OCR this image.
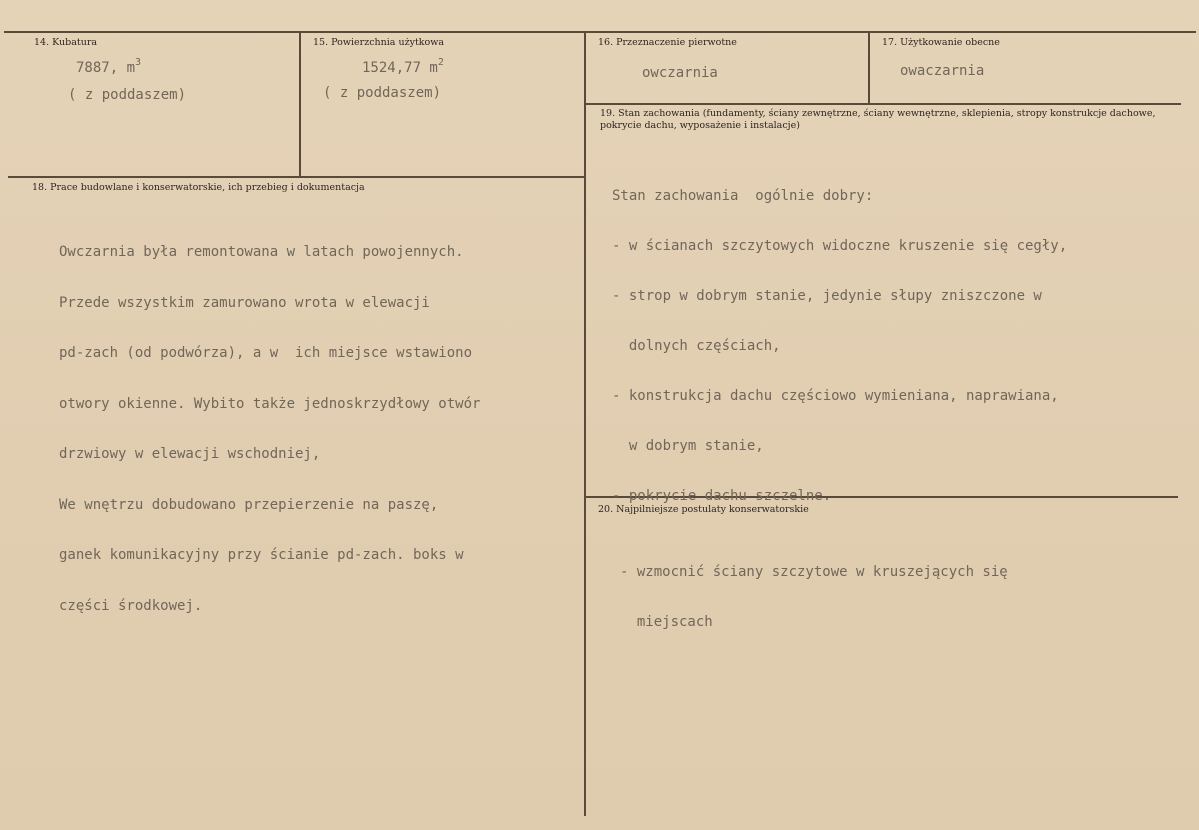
14. Kubatura
7887, $m^3$
( z poddaszem)
15. Powierzchnia użytkowa
1524,77 $m^2$
( z poddaszem)
16. Przeznaczenie pierwotne
owczarnia
17. Użytkowanie obecne
owaczarnia
18. Prace budowlane i konserwatorskie, ich przebieg i dokumentacja

Owczarnia była remontowana w latach powojennych.

Przede wszystkim zamurowano wrota w elewacji

pd-zach (od podwórza), a w  ich miejsce wstawiono

otwory okienne. Wybito także jednoskrzydłowy otwór

drzwiowy w elewacji wschodniej,

We wnętrzu dobudowano przepierzenie na paszę,

ganek komunikacyjny przy ścianie pd-zach. boks w

części środkowej.

19. Stan zachowania (fundamenty, ściany zewnętrzne, ściany wewnętrzne, sklepienia, stropy konstrukcje dachowe, pokrycie dachu, wyposażenie i instalacje)

Stan zachowania  ogólnie dobry:

- w ścianach szczytowych widoczne kruszenie się cegły,

- strop w dobrym stanie, jedynie słupy zniszczone w

dolnych częściach,

- konstrukcja dachu częściowo wymieniana, naprawiana,

w dobrym stanie,

- pokrycie dachu szczelne.

20. Najpilniejsze postulaty konserwatorskie

- wzmocnić ściany szczytowe w kruszejących się

miejscach
